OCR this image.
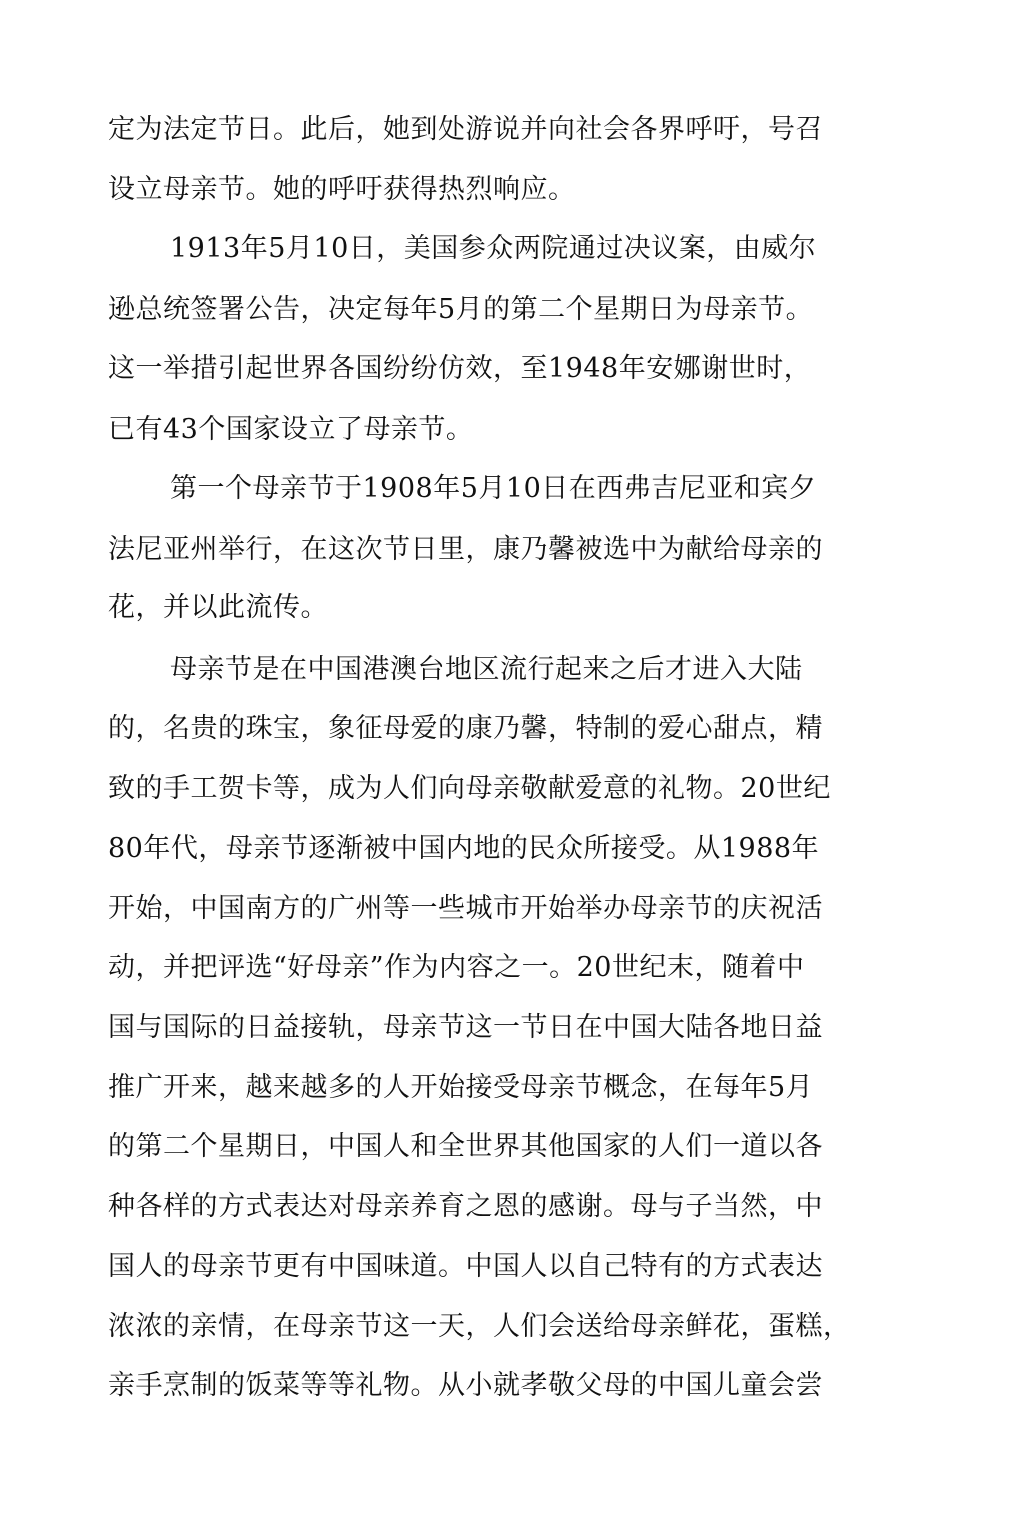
定为法定节日。此后，她到处游说并向社会各界呼吁，号召
设立母亲节。她的呼吁获得热烈响应。
1913年5月10日，美国参众两院通过决议案，由威尔
逊总统签署公告，决定每年5月的第二个星期日为母亲节。
这一举措引起世界各国纷纷仿效，至1948年安娜谢世时，
已有43个国家设立了母亲节。
第一个母亲节于1908年5月10日在西弗吉尼亚和宾夕
法尼亚州举行，在这次节日里，康乃馨被选中为献给母亲的
花，并以此流传。
母亲节是在中国港澳台地区流行起来之后才进入大陆
的，名贵的珠宝，象征母爱的康乃馨，特制的爱心甜点，精
致的手工贺卡等，成为人们向母亲敬献爱意的礼物。20世纪
80年代，母亲节逐渐被中国内地的民众所接受。从1988年
开始，中国南方的广州等一些城市开始举办母亲节的庆祝活
动，并把评选“好母亲”作为内容之一。20世纪末，随着中
国与国际的日益接轨，母亲节这一节日在中国大陆各地日益
推广开来，越来越多的人开始接受母亲节概念，在每年5月
的第二个星期日，中国人和全世界其他国家的人们一道以各
种各样的方式表达对母亲养育之恩的感谢。母与子当然，中
国人的母亲节更有中国味道。中国人以自己特有的方式表达
浓浓的亲情，在母亲节这一天，人们会送给母亲鲜花，蛋糕，
亲手烹制的饭菜等等礼物。从小就孝敬父母的中国儿童会尝
